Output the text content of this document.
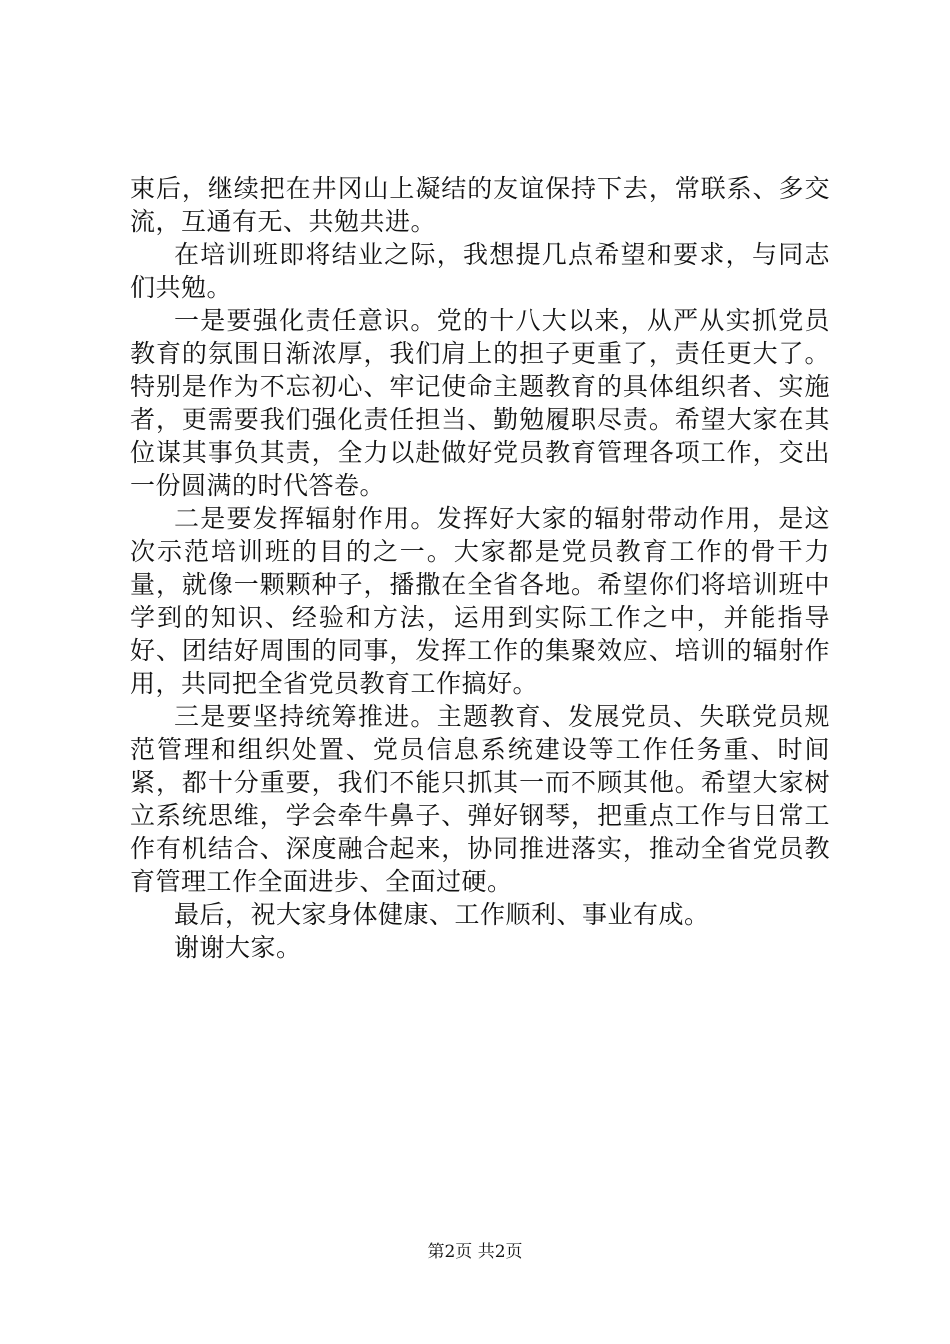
束后，继续把在井冈山上凝结的友谊保持下去，常联系、多交流，互通有无、共勉共进。

在培训班即将结业之际，我想提几点希望和要求，与同志们共勉。

一是要强化责任意识。党的十八大以来，从严从实抓党员教育的氛围日渐浓厚，我们肩上的担子更重了，责任更大了。特别是作为不忘初心、牢记使命主题教育的具体组织者、实施者，更需要我们强化责任担当、勤勉履职尽责。希望大家在其位谋其事负其责，全力以赴做好党员教育管理各项工作，交出一份圆满的时代答卷。

二是要发挥辐射作用。发挥好大家的辐射带动作用，是这次示范培训班的目的之一。大家都是党员教育工作的骨干力量，就像一颗颗种子，播撒在全省各地。希望你们将培训班中学到的知识、经验和方法，运用到实际工作之中，并能指导好、团结好周围的同事，发挥工作的集聚效应、培训的辐射作用，共同把全省党员教育工作搞好。

三是要坚持统筹推进。主题教育、发展党员、失联党员规范管理和组织处置、党员信息系统建设等工作任务重、时间紧，都十分重要，我们不能只抓其一而不顾其他。希望大家树立系统思维，学会牵牛鼻子、弹好钢琴，把重点工作与日常工作有机结合、深度融合起来，协同推进落实，推动全省党员教育管理工作全面进步、全面过硬。

最后，祝大家身体健康、工作顺利、事业有成。

谢谢大家。

第2页 共2页
